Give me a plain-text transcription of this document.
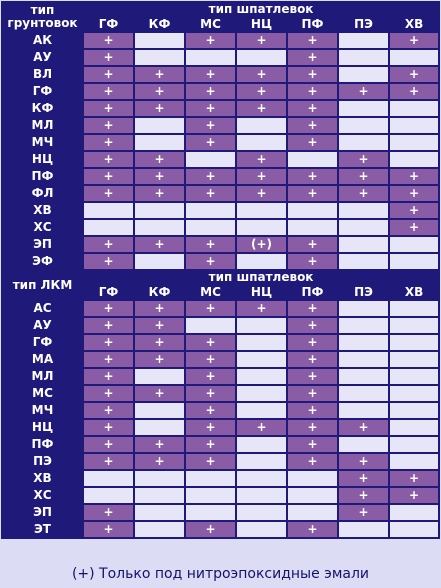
тип
грунтовок	тип шпатлевок						
	ГФ	КФ	МС	НЦ	ПФ	ПЭ	ХВ
АК	+		+	+	+		+
АУ	+				+		
ВЛ	+	+	+	+	+		+
ГФ	+	+	+	+	+	+	+
КФ	+	+	+	+	+		
МЛ	+		+		+		
МЧ	+		+		+		
НЦ	+	+		+		+	
ПФ	+	+	+	+	+	+	+
ФЛ	+	+	+	+	+	+	+
ХВ							+
ХС							+
ЭП	+	+	+	(+)	+		
ЭФ	+		+		+		
тип ЛКМ	тип шпатлевок						
	ГФ	КФ	МС	НЦ	ПФ	ПЭ	ХВ
АС	+	+	+	+	+		
АУ	+	+			+		
ГФ	+	+	+		+		
МА	+	+	+		+		
МЛ	+		+		+		
МС	+	+	+		+		
МЧ	+		+		+		
НЦ	+		+	+	+	+	
ПФ	+	+	+		+		
ПЭ	+	+	+		+	+	
ХВ						+	+
ХС						+	+
ЭП	+					+	
ЭТ	+		+		+		
(+) Только под нитроэпоксидные эмали
